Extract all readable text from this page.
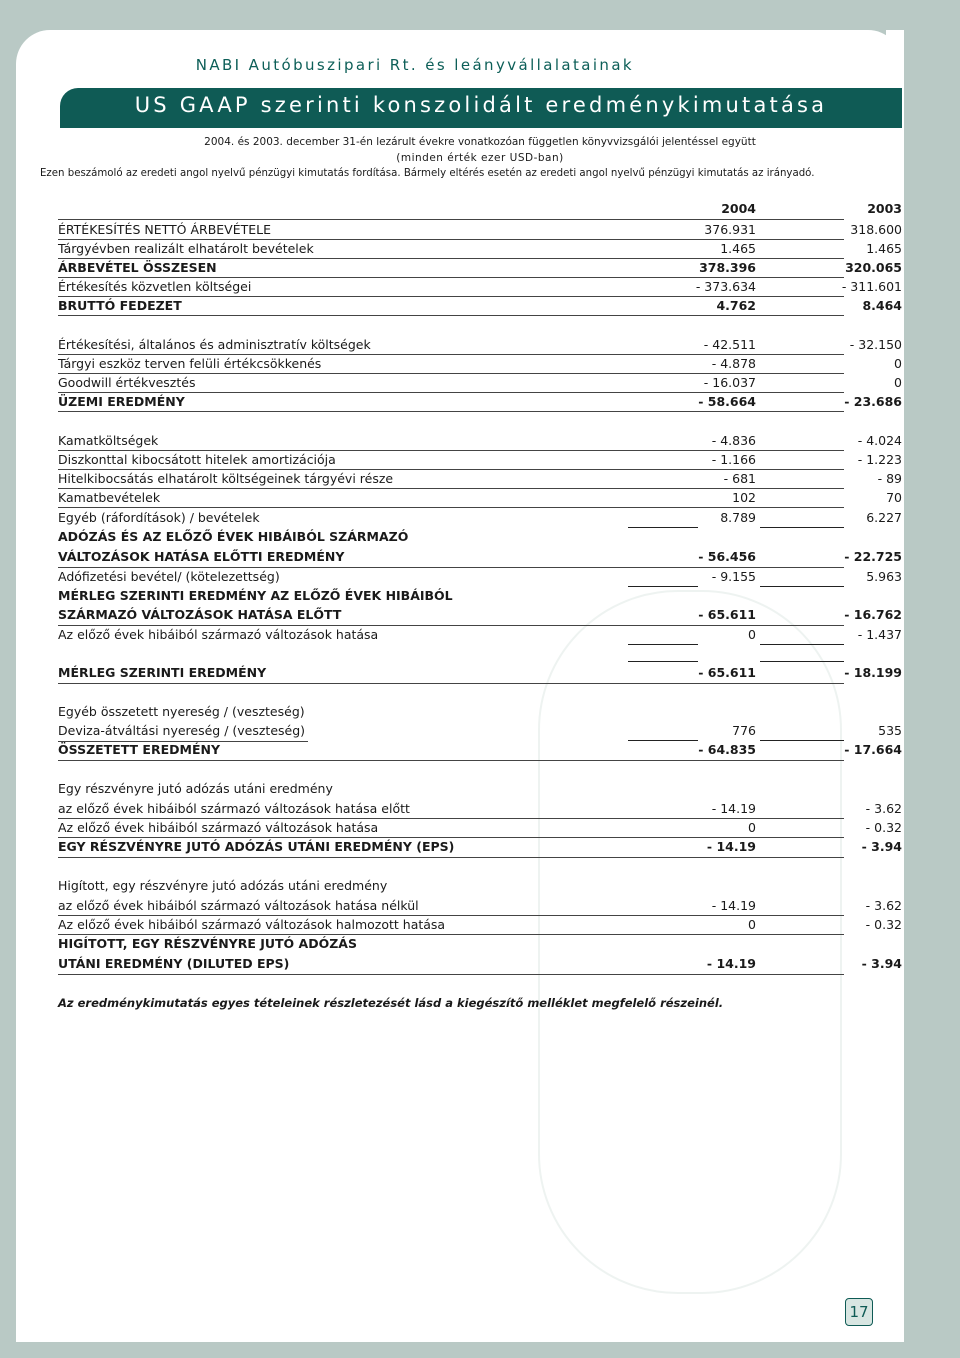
NABI Autóbuszipari Rt. és leányvállalatainak
US GAAP szerinti konszolidált eredménykimutatása
2004. és 2003. december 31-én lezárult évekre vonatkozóan független könyvvizsgálói jelentéssel együtt
(minden érték ezer USD-ban)
Ezen beszámoló az eredeti angol nyelvű pénzügyi kimutatás fordítása. Bármely eltérés esetén az eredeti angol nyelvű pénzügyi kimutatás az irányadó.
2004	2003
ÉRTÉKESÍTÉS NETTÓ ÁRBEVÉTELE	376.931	318.600
Tárgyévben realizált elhatárolt bevételek	1.465	1.465
ÁRBEVÉTEL ÖSSZESEN	378.396	320.065
Értékesítés közvetlen költségei	- 373.634	- 311.601
BRUTTÓ FEDEZET	4.762	8.464
Értékesítési, általános és adminisztratív költségek	- 42.511	- 32.150
Tárgyi eszköz terven felüli értékcsökkenés	- 4.878	0
Goodwill értékvesztés	- 16.037	0
ÜZEMI EREDMÉNY	- 58.664	- 23.686
Kamatköltségek	- 4.836	- 4.024
Diszkonttal kibocsátott hitelek amortizációja	- 1.166	- 1.223
Hitelkibocsátás elhatárolt költségeinek tárgyévi része	- 681	- 89
Kamatbevételek	102	70
Egyéb (ráfordítások) / bevételek	8.789	6.227
ADÓZÁS ÉS AZ ELŐZŐ ÉVEK HIBÁIBÓL SZÁRMAZÓ
VÁLTOZÁSOK HATÁSA ELŐTTI EREDMÉNY	- 56.456	- 22.725
Adófizetési bevétel/ (kötelezettség)	- 9.155	5.963
MÉRLEG SZERINTI EREDMÉNY AZ ELŐZŐ ÉVEK HIBÁIBÓL
SZÁRMAZÓ VÁLTOZÁSOK HATÁSA ELŐTT	- 65.611	- 16.762
Az előző évek hibáiból származó változások hatása	0	- 1.437
MÉRLEG SZERINTI EREDMÉNY	- 65.611	- 18.199
Egyéb összetett nyereség / (veszteség)
Deviza-átváltási nyereség / (veszteség)	776	535
ÖSSZETETT EREDMÉNY	- 64.835	- 17.664
Egy részvényre jutó adózás utáni eredmény
az előző évek hibáiból származó változások hatása előtt	- 14.19	- 3.62
Az előző évek hibáiból származó változások hatása	0	- 0.32
EGY RÉSZVÉNYRE JUTÓ ADÓZÁS UTÁNI EREDMÉNY (EPS)	- 14.19	- 3.94
Higított, egy részvényre jutó adózás utáni eredmény
az előző évek hibáiból származó változások hatása nélkül	- 14.19	- 3.62
Az előző évek hibáiból származó változások halmozott hatása	0	- 0.32
HIGÍTOTT, EGY RÉSZVÉNYRE JUTÓ ADÓZÁS
UTÁNI EREDMÉNY (DILUTED EPS)	- 14.19	- 3.94
Az eredménykimutatás egyes tételeinek részletezését lásd a kiegészítő melléklet megfelelő részeinél.
17
